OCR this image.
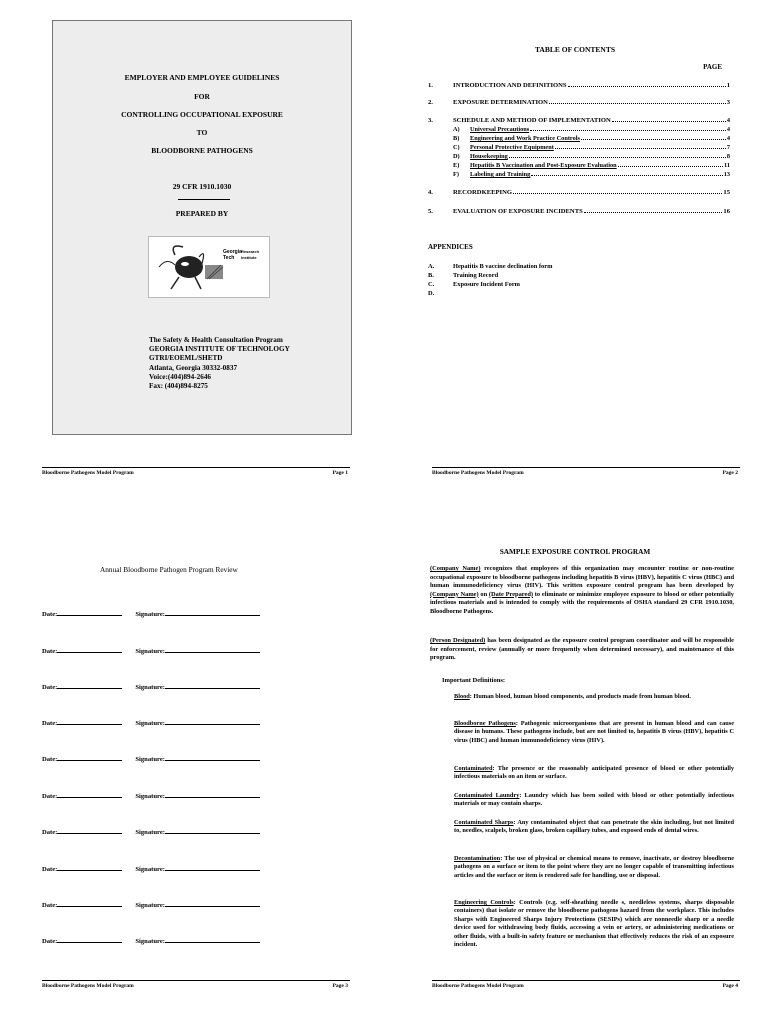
EMPLOYER AND EMPLOYEE GUIDELINES
FOR
CONTROLLING OCCUPATIONAL EXPOSURE
TO
BLOODBORNE PATHOGENS
29 CFR 1910.1030
PREPARED BY
Georgia
Tech
Research
Institute
The Safety & Health Consultation Program
GEORGIA INSTITUTE OF TECHNOLOGY
GTRI/EOEML/SHETD
Atlanta, Georgia 30332-0837
Voice:(404)894-2646
Fax: (404)894-8275
Bloodborne Pathogens Model Program	Page 1
TABLE OF CONTENTS
PAGE
1.	INTRODUCTION AND DEFINITIONS	1
2.	EXPOSURE DETERMINATION	3
3.	SCHEDULE AND METHOD OF IMPLEMENTATION	4
A)	Universal Precautions	4
B)	Engineering and Work Practice Controls	4
C)	Personal Protective Equipment	7
D)	Housekeeping	8
E)	Hepatitis B Vaccination and Post-Exposure Evaluation	11
F)	Labeling and Training	13
4.	RECORDKEEPING	15
5.	EVALUATION OF EXPOSURE INCIDENTS	16
APPENDICES
A.	Hepatitis B vaccine declination form
B.	Training Record
C.	Exposure Incident Form
D.
Bloodborne Pathogens Model Program	Page 2
Annual Bloodborne Pathogen Program Review
Date:	Signature:
Date:	Signature:
Date:	Signature:
Date:	Signature:
Date:	Signature:
Date:	Signature:
Date:	Signature:
Date:	Signature:
Date:	Signature:
Date:	Signature:
Bloodborne Pathogens Model Program	Page 3
SAMPLE EXPOSURE CONTROL PROGRAM
(Company Name) recognizes that employees of this organization may encounter routine or non-routine occupational exposure to bloodborne pathogens including hepatitis B virus (HBV), hepatitis C virus (HBC) and human immunodeficiency virus (HIV). This written exposure control program has been developed by (Company Name) on (Date Prepared) to eliminate or minimize employee exposure to blood or other potentially infectious materials and is intended to comply with the requirements of OSHA standard 29 CFR 1910.1030, Bloodborne Pathogens.
(Person Designated) has been designated as the exposure control program coordinator and will be responsible for enforcement, review (annually or more frequently when determined necessary), and maintenance of this program.
Important Definitions:
Blood: Human blood, human blood components, and products made from human blood.
Bloodborne Pathogens: Pathogenic microorganisms that are present in human blood and can cause disease in humans. These pathogens include, but are not limited to, hepatitis B virus (HBV), hepatitis C virus (HBC) and human immunodeficiency virus (HIV).
Contaminated: The presence or the reasonably anticipated presence of blood or other potentially infectious materials on an item or surface.
Contaminated Laundry: Laundry which has been soiled with blood or other potentially infectious materials or may contain sharps.
Contaminated Sharps: Any contaminated object that can penetrate the skin including, but not limited to, needles, scalpels, broken glass, broken capillary tubes, and exposed ends of dental wires.
Decontamination: The use of physical or chemical means to remove, inactivate, or destroy bloodborne pathogens on a surface or item to the point where they are no longer capable of transmitting infectious articles and the surface or item is rendered safe for handling, use or disposal.
Engineering Controls: Controls (e.g. self-sheathing needle s, needleless systems, sharps disposable containers) that isolate or remove the bloodborne pathogens hazard from the workplace. This includes Sharps with Engineered Sharps Injury Protections (SESIPs) which are nonneedle sharp or a needle device used for withdrawing body fluids, accessing a vein or artery, or administering medications or other fluids, with a built-in safety feature or mechanism that effectively reduces the risk of an exposure incident.
Bloodborne Pathogens Model Program	Page 4
